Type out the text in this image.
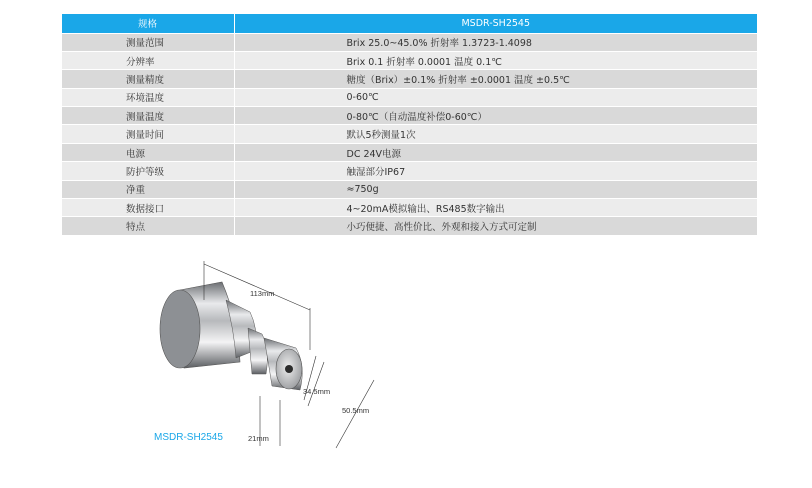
规格	MSDR-SH2545
测量范围	Brix 25.0~45.0% 折射率 1.3723-1.4098
分辨率	Brix 0.1 折射率 0.0001 温度 0.1℃
测量精度	糖度（Brix）±0.1% 折射率 ±0.0001 温度 ±0.5℃
环境温度	0-60℃
测量温度	0-80℃（自动温度补偿0-60℃）
测量时间	默认5秒测量1次
电源	DC 24V电源
防护等级	触湿部分IP67
净重	≈750g
数据接口	4~20mA模拟输出、RS485数字输出
特点	小巧便捷、高性价比、外观和接入方式可定制
113mm
34.5mm
50.5mm
21mm
MSDR-SH2545
